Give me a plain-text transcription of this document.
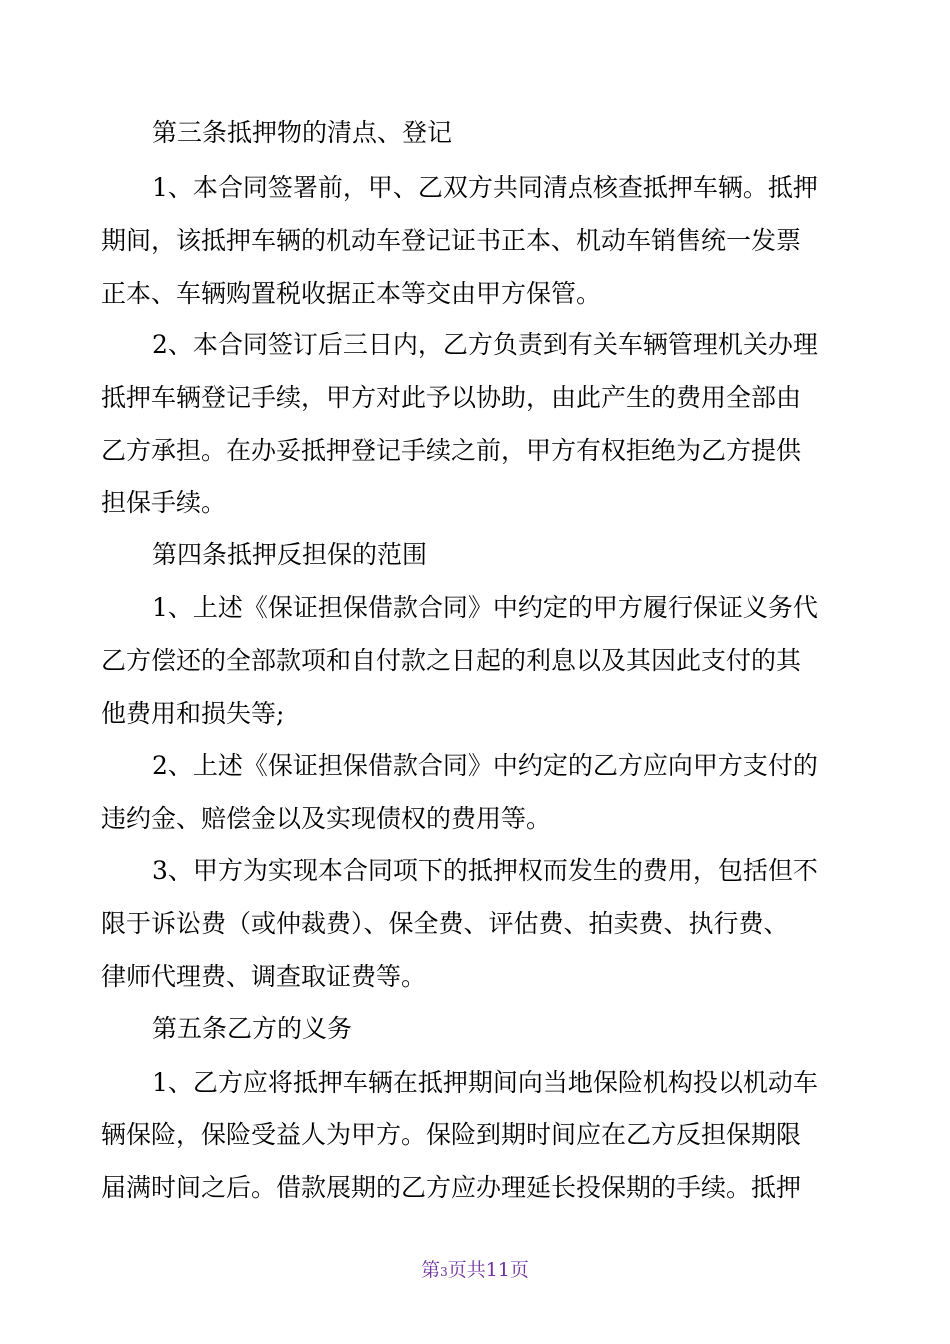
第三条抵押物的清点、登记
1、本合同签署前，甲、乙双方共同清点核查抵押车辆。抵押
期间，该抵押车辆的机动车登记证书正本、机动车销售统一发票
正本、车辆购置税收据正本等交由甲方保管。
2、本合同签订后三日内，乙方负责到有关车辆管理机关办理
抵押车辆登记手续，甲方对此予以协助，由此产生的费用全部由
乙方承担。在办妥抵押登记手续之前，甲方有权拒绝为乙方提供
担保手续。
第四条抵押反担保的范围
1、上述《保证担保借款合同》中约定的甲方履行保证义务代
乙方偿还的全部款项和自付款之日起的利息以及其因此支付的其
他费用和损失等;
2、上述《保证担保借款合同》中约定的乙方应向甲方支付的
违约金、赔偿金以及实现债权的费用等。
3、甲方为实现本合同项下的抵押权而发生的费用，包括但不
限于诉讼费（或仲裁费）、保全费、评估费、拍卖费、执行费、
律师代理费、调查取证费等。
第五条乙方的义务
1、乙方应将抵押车辆在抵押期间向当地保险机构投以机动车
辆保险，保险受益人为甲方。保险到期时间应在乙方反担保期限
届满时间之后。借款展期的乙方应办理延长投保期的手续。抵押
第3页共11页
